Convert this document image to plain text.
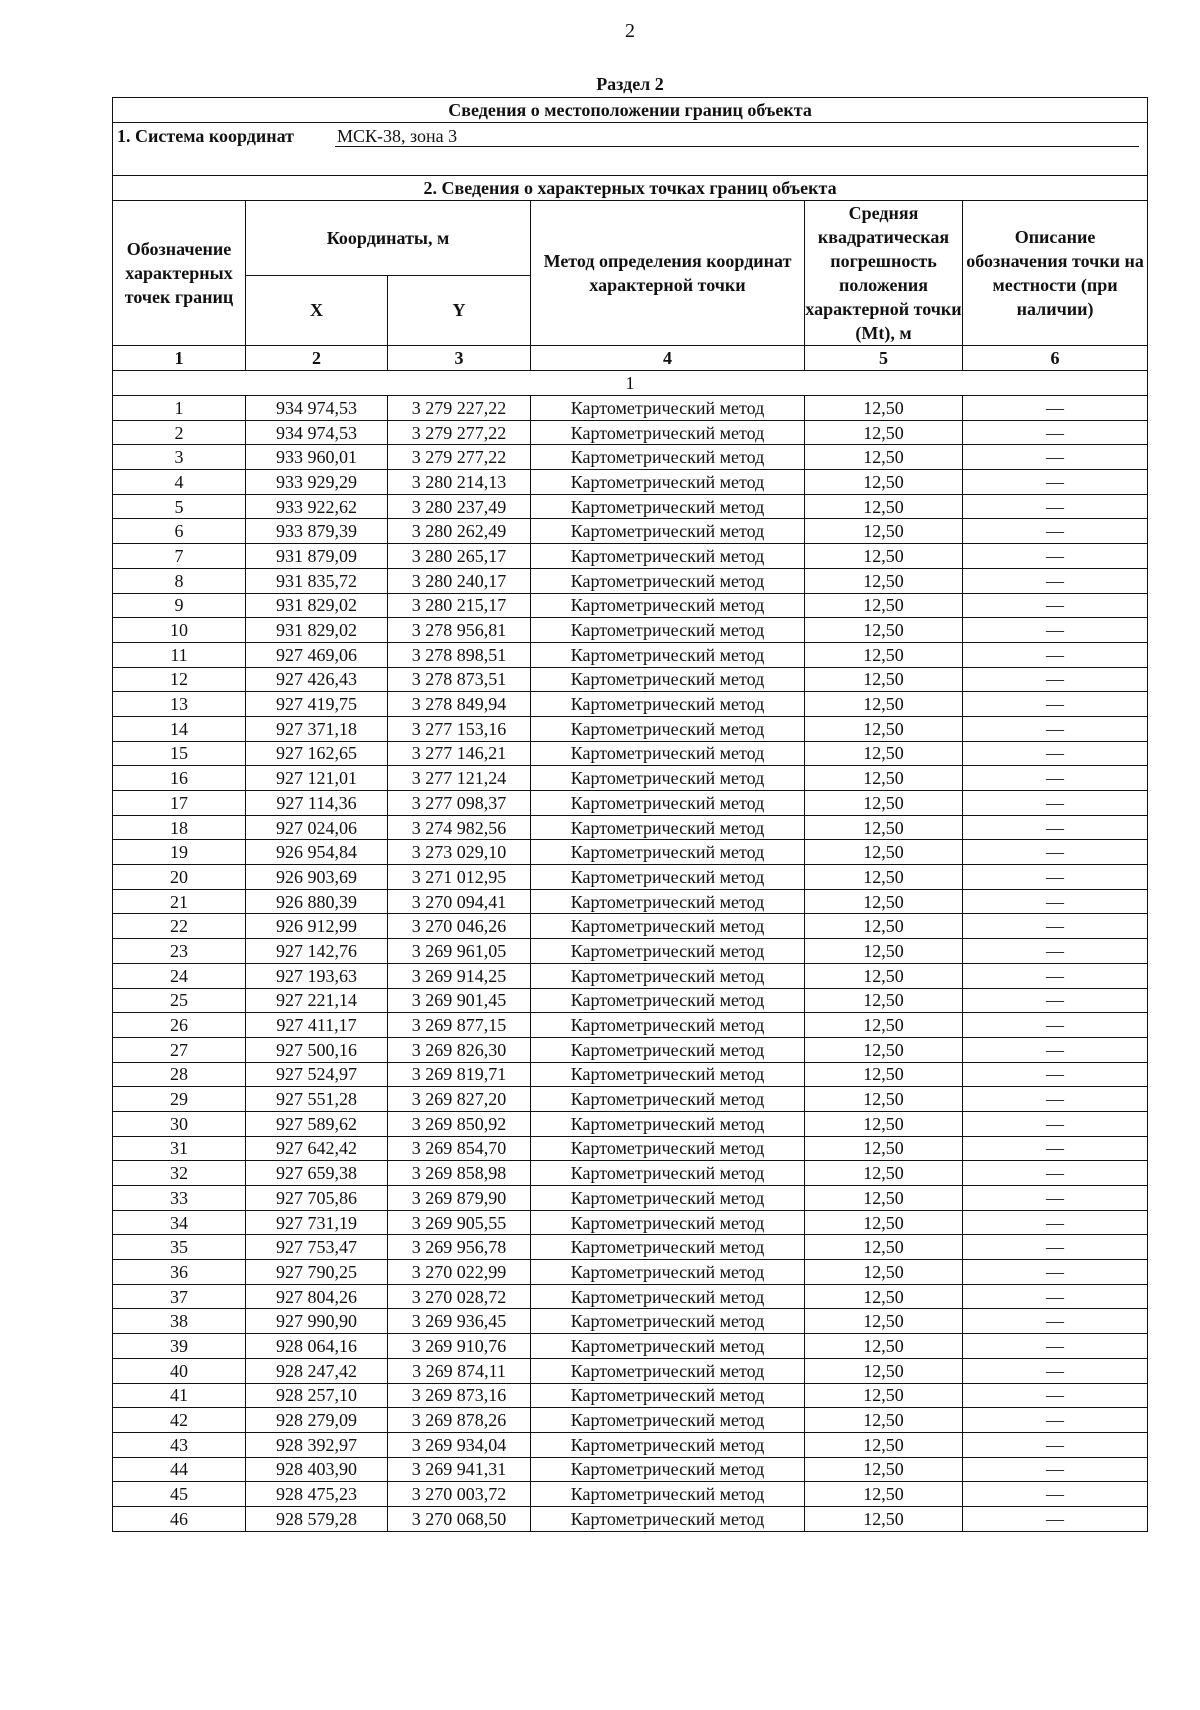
2
Раздел 2
Сведения о местоположении границ объекта					
1. Система координат МСК-38, зона 3					

2. Сведения о характерных точках границ объекта					
Обозначение характерных точек границ	Координаты, м		Метод определения координат характерной точки	Средняя квадратическая погрешность положения характерной точки (Mt), м	Описание обозначения точки на местности (при наличии)
	X	Y			
1	2	3	4	5	6
1					
1	934 974,53	3 279 227,22	Картометрический метод	12,50	—
2	934 974,53	3 279 277,22	Картометрический метод	12,50	—
3	933 960,01	3 279 277,22	Картометрический метод	12,50	—
4	933 929,29	3 280 214,13	Картометрический метод	12,50	—
5	933 922,62	3 280 237,49	Картометрический метод	12,50	—
6	933 879,39	3 280 262,49	Картометрический метод	12,50	—
7	931 879,09	3 280 265,17	Картометрический метод	12,50	—
8	931 835,72	3 280 240,17	Картометрический метод	12,50	—
9	931 829,02	3 280 215,17	Картометрический метод	12,50	—
10	931 829,02	3 278 956,81	Картометрический метод	12,50	—
11	927 469,06	3 278 898,51	Картометрический метод	12,50	—
12	927 426,43	3 278 873,51	Картометрический метод	12,50	—
13	927 419,75	3 278 849,94	Картометрический метод	12,50	—
14	927 371,18	3 277 153,16	Картометрический метод	12,50	—
15	927 162,65	3 277 146,21	Картометрический метод	12,50	—
16	927 121,01	3 277 121,24	Картометрический метод	12,50	—
17	927 114,36	3 277 098,37	Картометрический метод	12,50	—
18	927 024,06	3 274 982,56	Картометрический метод	12,50	—
19	926 954,84	3 273 029,10	Картометрический метод	12,50	—
20	926 903,69	3 271 012,95	Картометрический метод	12,50	—
21	926 880,39	3 270 094,41	Картометрический метод	12,50	—
22	926 912,99	3 270 046,26	Картометрический метод	12,50	—
23	927 142,76	3 269 961,05	Картометрический метод	12,50	—
24	927 193,63	3 269 914,25	Картометрический метод	12,50	—
25	927 221,14	3 269 901,45	Картометрический метод	12,50	—
26	927 411,17	3 269 877,15	Картометрический метод	12,50	—
27	927 500,16	3 269 826,30	Картометрический метод	12,50	—
28	927 524,97	3 269 819,71	Картометрический метод	12,50	—
29	927 551,28	3 269 827,20	Картометрический метод	12,50	—
30	927 589,62	3 269 850,92	Картометрический метод	12,50	—
31	927 642,42	3 269 854,70	Картометрический метод	12,50	—
32	927 659,38	3 269 858,98	Картометрический метод	12,50	—
33	927 705,86	3 269 879,90	Картометрический метод	12,50	—
34	927 731,19	3 269 905,55	Картометрический метод	12,50	—
35	927 753,47	3 269 956,78	Картометрический метод	12,50	—
36	927 790,25	3 270 022,99	Картометрический метод	12,50	—
37	927 804,26	3 270 028,72	Картометрический метод	12,50	—
38	927 990,90	3 269 936,45	Картометрический метод	12,50	—
39	928 064,16	3 269 910,76	Картометрический метод	12,50	—
40	928 247,42	3 269 874,11	Картометрический метод	12,50	—
41	928 257,10	3 269 873,16	Картометрический метод	12,50	—
42	928 279,09	3 269 878,26	Картометрический метод	12,50	—
43	928 392,97	3 269 934,04	Картометрический метод	12,50	—
44	928 403,90	3 269 941,31	Картометрический метод	12,50	—
45	928 475,23	3 270 003,72	Картометрический метод	12,50	—
46	928 579,28	3 270 068,50	Картометрический метод	12,50	—
